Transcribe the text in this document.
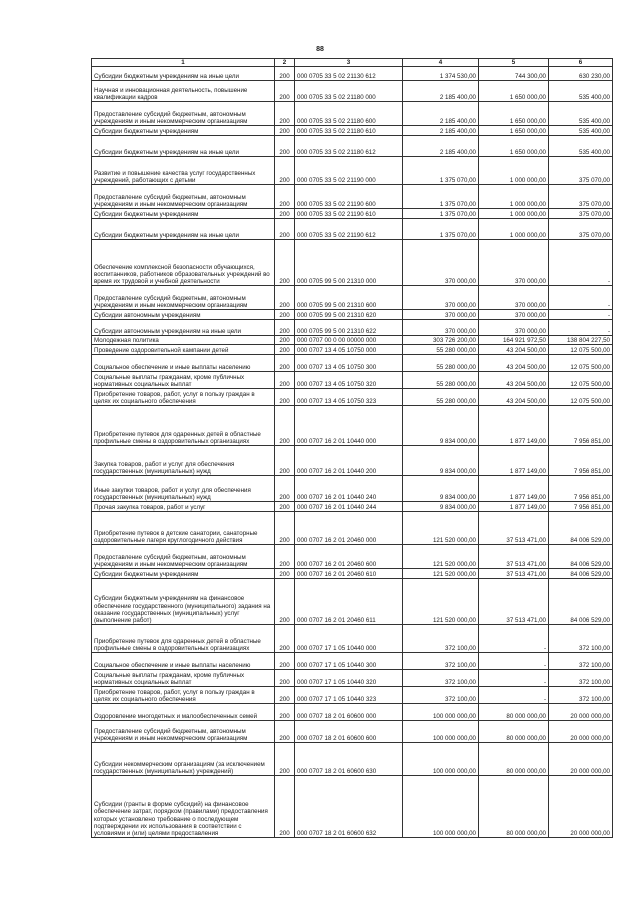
88
1	2	3	4	5	6
Субсидии бюджетным учреждениям на иные цели	200	000 0705 33 5 02 21130 612	1 374 530,00	744 300,00	630 230,00
Научная и инновационная деятельность, повышение квалификации кадров	200	000 0705 33 5 02 21180 000	2 185 400,00	1 650 000,00	535 400,00
Предоставление субсидий бюджетным, автономным учреждениям и иным некоммерческим организациям	200	000 0705 33 5 02 21180 600	2 185 400,00	1 650 000,00	535 400,00
Субсидии бюджетным учреждениям	200	000 0705 33 5 02 21180 610	2 185 400,00	1 650 000,00	535 400,00
Субсидии бюджетным учреждениям на иные цели	200	000 0705 33 5 02 21180 612	2 185 400,00	1 650 000,00	535 400,00
Развитие и повышение качества услуг государственных учреждений, работающих с детьми	200	000 0705 33 5 02 21190 000	1 375 070,00	1 000 000,00	375 070,00
Предоставление субсидий бюджетным, автономным учреждениям и иным некоммерческим организациям	200	000 0705 33 5 02 21190 600	1 375 070,00	1 000 000,00	375 070,00
Субсидии бюджетным учреждениям	200	000 0705 33 5 02 21190 610	1 375 070,00	1 000 000,00	375 070,00
Субсидии бюджетным учреждениям на иные цели	200	000 0705 33 5 02 21190 612	1 375 070,00	1 000 000,00	375 070,00
Обеспечение комплексной безопасности обучающихся, воспитанников, работников образовательных учреждений во время их трудовой и учебной деятельности	200	000 0705 99 5 00 21310 000	370 000,00	370 000,00	-
Предоставление субсидий бюджетным, автономным учреждениям и иным некоммерческим организациям	200	000 0705 99 5 00 21310 600	370 000,00	370 000,00	-
Субсидии автономным учреждениям	200	000 0705 99 5 00 21310 620	370 000,00	370 000,00	-
Субсидии автономным учреждениям на иные цели	200	000 0705 99 5 00 21310 622	370 000,00	370 000,00	-
Молодежная политика	200	000 0707 00 0 00 00000 000	303 726 200,00	164 921 972,50	138 804 227,50
Проведение оздоровительной кампании детей	200	000 0707 13 4 05 10750 000	55 280 000,00	43 204 500,00	12 075 500,00
Социальное обеспечение и иные выплаты населению	200	000 0707 13 4 05 10750 300	55 280 000,00	43 204 500,00	12 075 500,00
Социальные выплаты гражданам, кроме публичных нормативных социальных выплат	200	000 0707 13 4 05 10750 320	55 280 000,00	43 204 500,00	12 075 500,00
Приобретение товаров, работ, услуг в пользу граждан в целях их социального обеспечения	200	000 0707 13 4 05 10750 323	55 280 000,00	43 204 500,00	12 075 500,00
Приобретение путевок для одаренных детей в областные профильные смены в оздоровительных организациях	200	000 0707 16 2 01 10440 000	9 834 000,00	1 877 149,00	7 956 851,00
Закупка товаров, работ и услуг для обеспечения государственных (муниципальных) нужд	200	000 0707 16 2 01 10440 200	9 834 000,00	1 877 149,00	7 956 851,00
Иные закупки товаров, работ и услуг для обеспечения государственных (муниципальных) нужд	200	000 0707 16 2 01 10440 240	9 834 000,00	1 877 149,00	7 956 851,00
Прочая закупка товаров, работ и услуг	200	000 0707 16 2 01 10440 244	9 834 000,00	1 877 149,00	7 956 851,00
Приобретение путевок в детские санатории, санаторные оздоровительные лагеря круглогодичного действия	200	000 0707 16 2 01 20460 000	121 520 000,00	37 513 471,00	84 006 529,00
Предоставление субсидий бюджетным, автономным учреждениям и иным некоммерческим организациям	200	000 0707 16 2 01 20460 600	121 520 000,00	37 513 471,00	84 006 529,00
Субсидии бюджетным учреждениям	200	000 0707 16 2 01 20460 610	121 520 000,00	37 513 471,00	84 006 529,00
Субсидии бюджетным учреждениям на финансовое обеспечение государственного (муниципального) задания на оказание государственных (муниципальных) услуг (выполнение работ)	200	000 0707 16 2 01 20460 611	121 520 000,00	37 513 471,00	84 006 529,00
Приобретение путевок для одаренных детей в областные профильные смены в оздоровительных организациях	200	000 0707 17 1 05 10440 000	372 100,00	-	372 100,00
Социальное обеспечение и иные выплаты населению	200	000 0707 17 1 05 10440 300	372 100,00	-	372 100,00
Социальные выплаты гражданам, кроме публичных нормативных социальных выплат	200	000 0707 17 1 05 10440 320	372 100,00	-	372 100,00
Приобретение товаров, работ, услуг в пользу граждан в целях их социального обеспечения	200	000 0707 17 1 05 10440 323	372 100,00	-	372 100,00
Оздоровление многодетных и малообеспеченных семей	200	000 0707 18 2 01 60600 000	100 000 000,00	80 000 000,00	20 000 000,00
Предоставление субсидий бюджетным, автономным учреждениям и иным некоммерческим организациям	200	000 0707 18 2 01 60600 600	100 000 000,00	80 000 000,00	20 000 000,00
Субсидии некоммерческим организациям (за исключением государственных (муниципальных) учреждений)	200	000 0707 18 2 01 60600 630	100 000 000,00	80 000 000,00	20 000 000,00
Субсидии (гранты в форме субсидий) на финансовое обеспечение затрат, порядком (правилами) предоставления которых установлено требование о последующем подтверждении их использования в соответствии с условиями и (или) целями предоставления	200	000 0707 18 2 01 60600 632	100 000 000,00	80 000 000,00	20 000 000,00
